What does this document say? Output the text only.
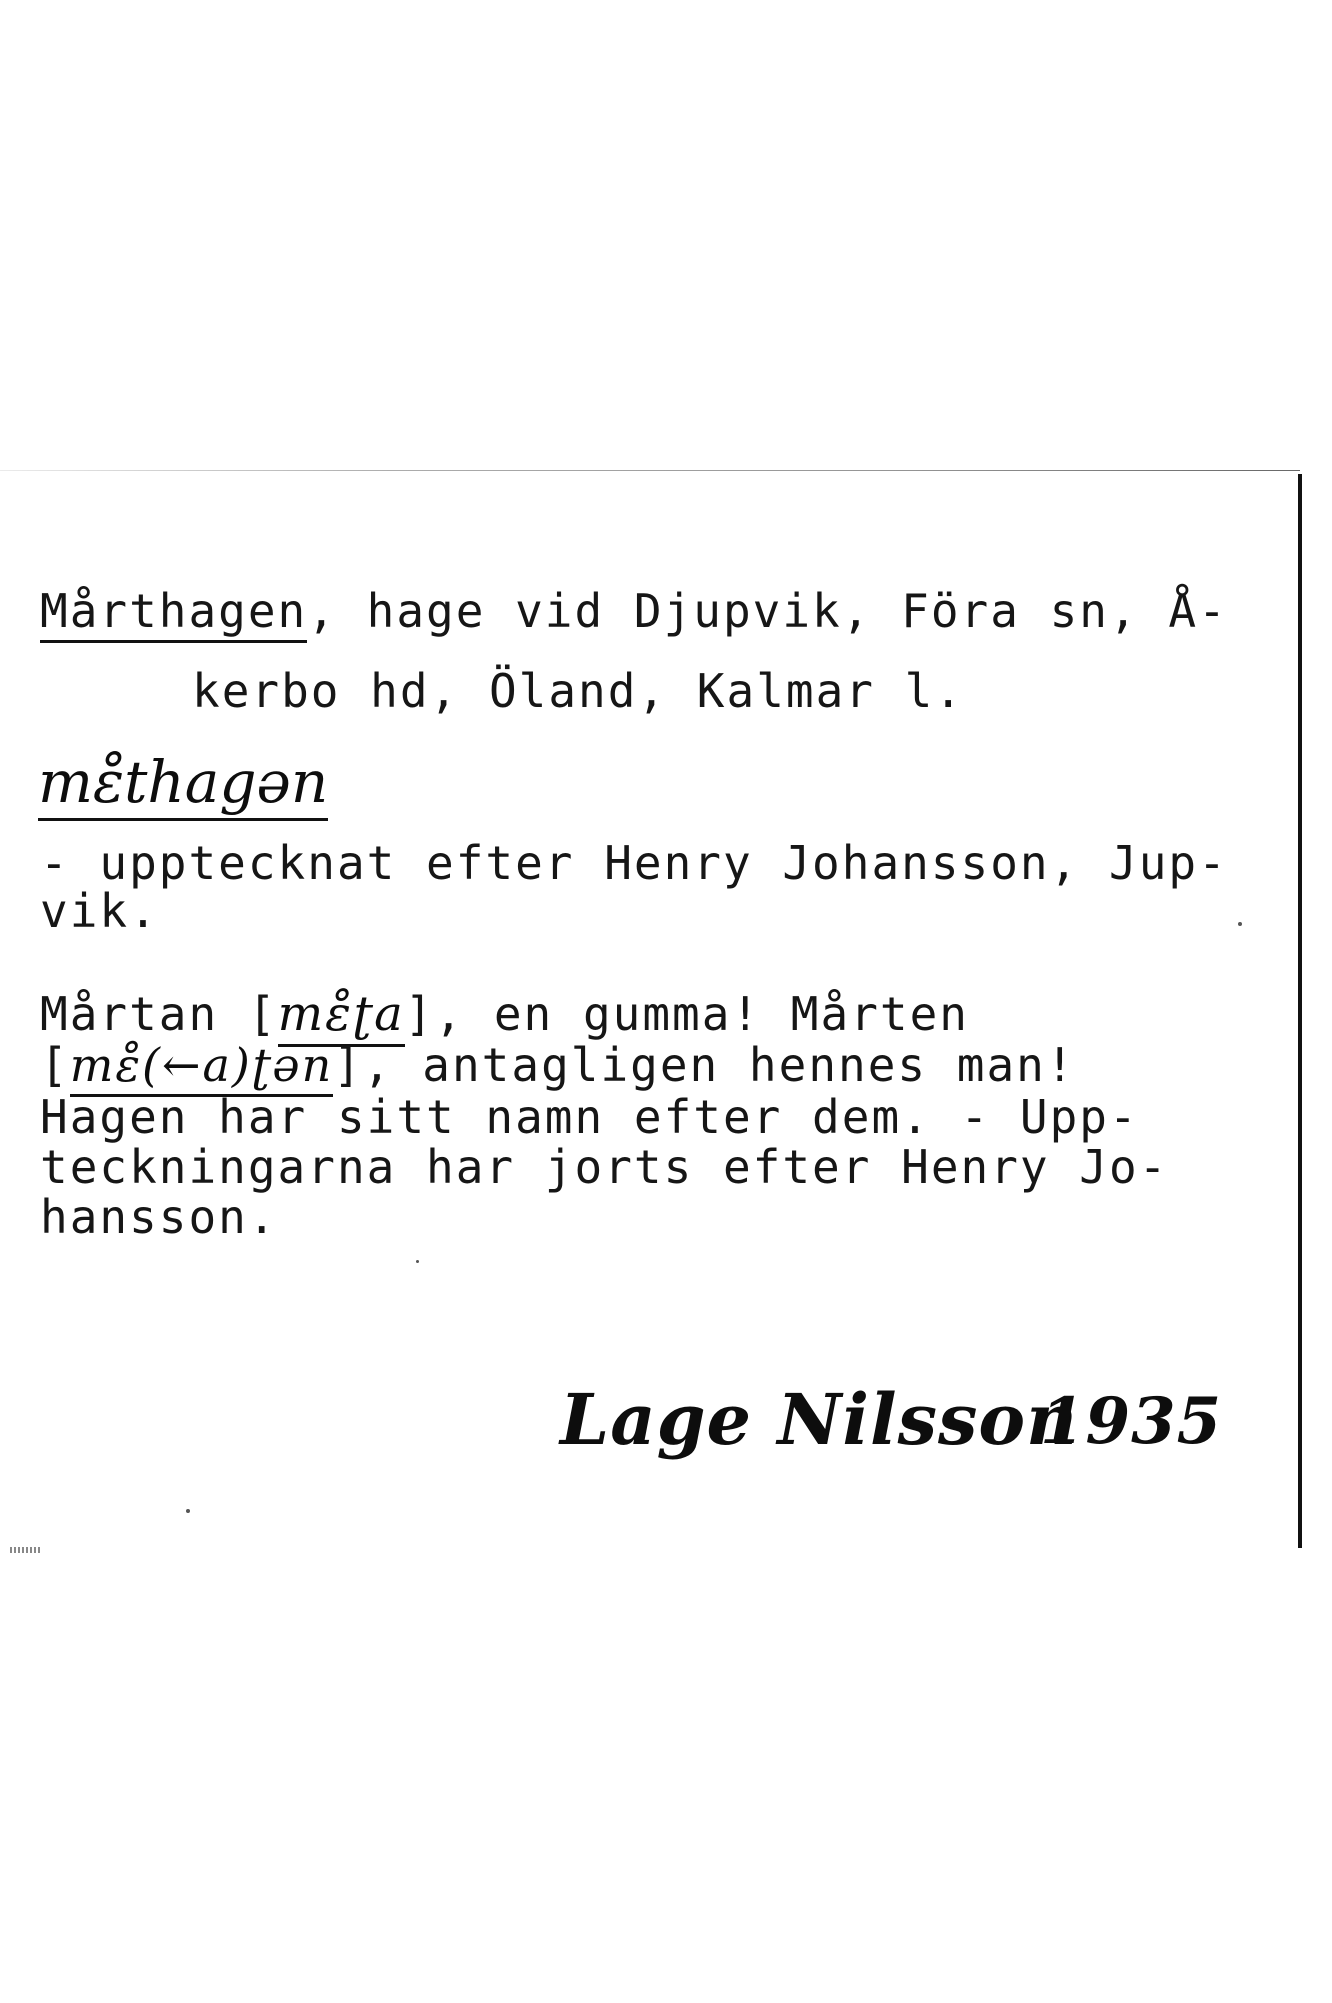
Mårthagen, hage vid Djupvik, Föra sn, Å-
kerbo hd, Öland, Kalmar l.
mɛ̊thagən
- upptecknat efter Henry Johansson, Jup-
vik.
Mårtan [mɛ̊ʈa], en gumma! Mårten
[mɛ̊(←a)ʈən], antagligen hennes man!
Hagen har sitt namn efter dem. - Upp-
teckningarna har jorts efter Henry Jo-
hansson.
Lage Nilsson
1935
